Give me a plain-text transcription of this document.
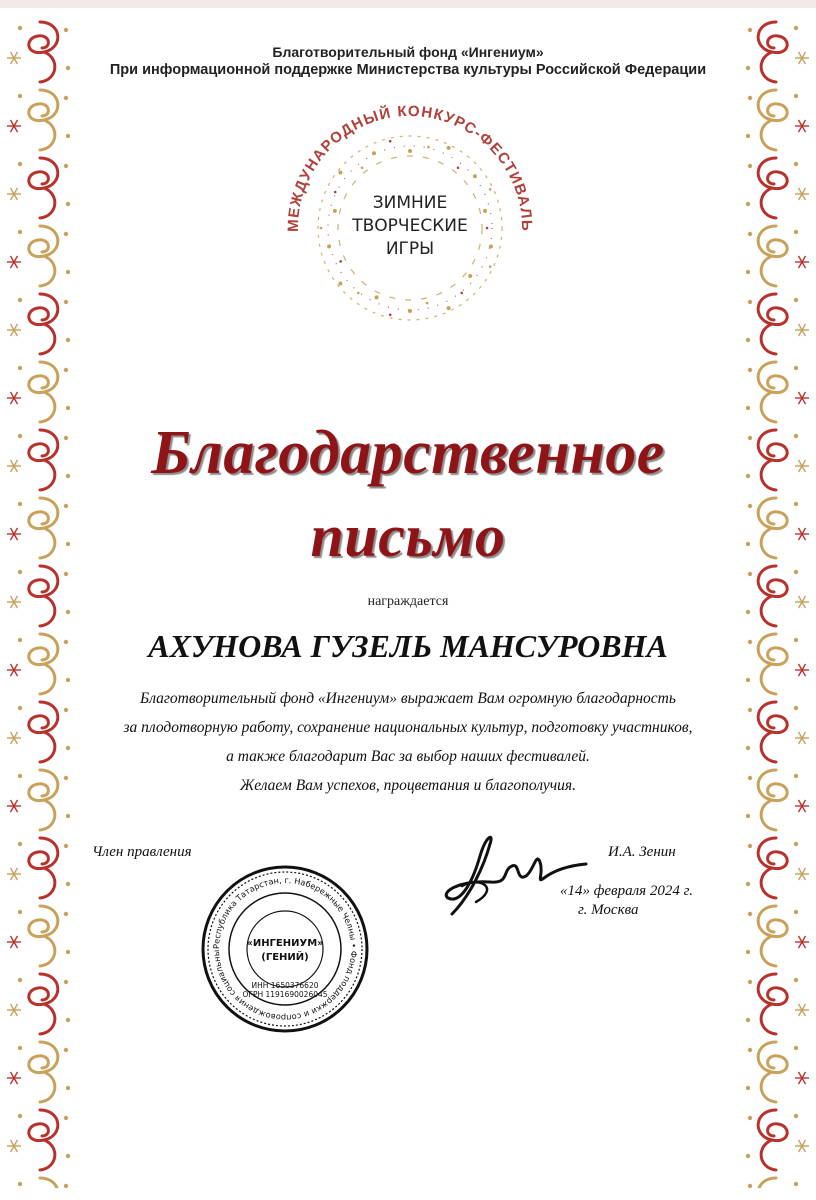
Благотворительный фонд «Ингениум»
При информационной поддержке Министерства культуры Российской Федерации
МЕЖДУНАРОДНЫЙ КОНКУРС-ФЕСТИВАЛЬ
ЗИМНИЕ
ТВОРЧЕСКИЕ
ИГРЫ
Благодарственное
письмо
награждается
АХУНОВА ГУЗЕЛЬ МАНСУРОВНА
Благотворительный фонд «Ингениум» выражает Вам огромную благодарность
за плодотворную работу, сохранение национальных культур, подготовку участников,
а также благодарит Вас за выбор наших фестивалей.
Желаем Вам успехов, процветания и благополучия.
Член правления	И.А. Зенин
«14» февраля 2024 г.
г. Москва
Республика Татарстан, г. Набережные Челны • Фонд поддержки и сопровождения социальны
«ИНГЕНИУМ»
(ГЕНИЙ)
ИНН 1650376620
ОГРН 1191690026045
